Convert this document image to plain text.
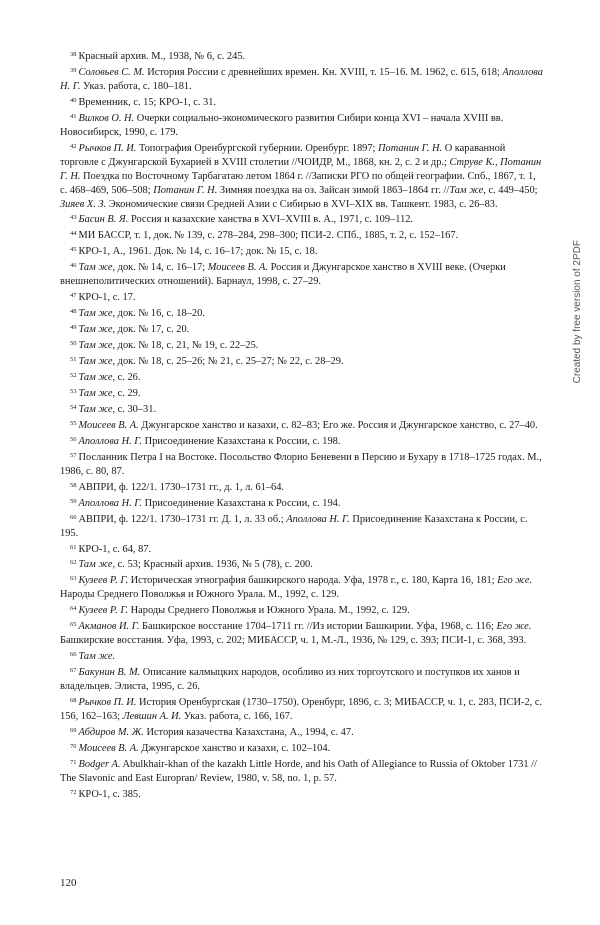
$^{38}$ Красный архив. М., 1938, № 6, с. 245.
$^{39}$ Соловьев С. М. История России с древнейших времен. Кн. XVIII, т. 15–16. М. 1962, с. 615, 618; Аполлова Н. Г. Указ. работа, с. 180–181.
$^{40}$ Временник, с. 15; КРО-1, с. 31.
$^{41}$ Вилков О. Н. Очерки социально-экономического развития Сибири конца XVI – начала XVIII вв. Новосибирск, 1990, с. 179.
$^{42}$ Рычков П. И. Топография Оренбургской губернии. Оренбург. 1897; Потанин Г. Н. О караванной торговле с Джунгарской Бухарией в XVIII столетии //ЧОИДР, М., 1868, кн. 2, с. 2 и др.; Струве К., Потанин Г. Н. Поездка по Восточному Тарбагатаю летом 1864 г. //Записки РГО по общей географии. Спб., 1867, т. 1, с. 468–469, 506–508; Потанин Г. Н. Зимняя поездка на оз. Зайсан зимой 1863–1864 гг. //Там же, с. 449–450; Зияев Х. З. Экономические связи Средней Азии с Сибирью в XVI–XIX вв. Ташкент. 1983, с. 26–83.
$^{43}$ Басин В. Я. Россия и казахские ханства в XVI–XVIII в. А., 1971, с. 109–112.
$^{44}$ МИ БАССР, т. 1, док. № 139, с. 278–284, 298–300; ПСИ-2. СПб., 1885, т. 2, с. 152–167.
$^{45}$ КРО-1, А., 1961. Док. № 14, с. 16–17; док. № 15, с. 18.
$^{46}$ Там же, док. № 14, с. 16–17; Моисеев В. А. Россия и Джунгарское ханство в XVIII веке. (Очерки внешнеполитических отношений). Барнаул, 1998, с. 27–29.
$^{47}$ КРО-1, с. 17.
$^{48}$ Там же, док. № 16, с. 18–20.
$^{49}$ Там же, док. № 17, с. 20.
$^{50}$ Там же, док. № 18, с. 21, № 19, с. 22–25.
$^{51}$ Там же, док. № 18, с. 25–26; № 21, с. 25–27; № 22, с. 28–29.
$^{52}$ Там же, с. 26.
$^{53}$ Там же, с. 29.
$^{54}$ Там же, с. 30–31.
$^{55}$ Моисеев В. А. Джунгарское ханство и казахи, с. 82–83; Его же. Россия и Джунгарское ханство, с. 27–40.
$^{56}$ Аполлова Н. Г. Присоединение Казахстана к России, с. 198.
$^{57}$ Посланник Петра I на Востоке. Посольство Флорио Беневени в Персию и Бухару в 1718–1725 годах. М., 1986, с. 80, 87.
$^{58}$ АВПРИ, ф. 122/1. 1730–1731 гг., д. 1, л. 61–64.
$^{59}$ Аполлова Н. Г. Присоединение Казахстана к России, с. 194.
$^{60}$ АВПРИ, ф. 122/1. 1730–1731 гг. Д. 1, л. 33 об.; Аполлова Н. Г. Присоединение Казахстана к России, с. 195.
$^{61}$ КРО-1, с. 64, 87.
$^{62}$ Там же, с. 53; Красный архив. 1936, № 5 (78), с. 200.
$^{63}$ Кузеев Р. Г. Историческая этнография башкирского народа. Уфа, 1978 г., с. 180, Карта 16, 181; Его же. Народы Среднего Поволжья и Южного Урала. М., 1992, с. 129.
$^{64}$ Кузеев Р. Г. Народы Среднего Поволжья и Южного Урала. М., 1992, с. 129.
$^{65}$ Акманов И. Г. Башкирское восстание 1704–1711 гг. //Из истории Башкирии. Уфа, 1968, с. 116; Его же. Башкирские восстания. Уфа, 1993, с. 202; МИБАССР, ч. 1, М.-Л., 1936, № 129, с. 393; ПСИ-1, с. 368, 393.
$^{66}$ Там же.
$^{67}$ Бакунин В. М. Описание калмыцких народов, особливо из них торгоутского и поступков их ханов и владельцев. Элиста, 1995, с. 26.
$^{68}$ Рычков П. И. История Оренбургская (1730–1750). Оренбург, 1896, с. 3; МИБАССР, ч. 1, с. 283, ПСИ-2, с. 156, 162–163; Левшин А. И. Указ. работа, с. 166, 167.
$^{69}$ Абдиров М. Ж. История казачества Казахстана, А., 1994, с. 47.
$^{70}$ Моисеев В. А. Джунгарское ханство и казахи, с. 102–104.
$^{71}$ Bodger A. Abulkhair-khan of the kazakh Little Horde, and his Oath of Allegiance to Russia of Oktober 1731 // The Slavonic and East Europran/ Review, 1980, v. 58, no. 1, p. 57.
$^{72}$ КРО-1, с. 385.
120
Created by free version of 2PDF
